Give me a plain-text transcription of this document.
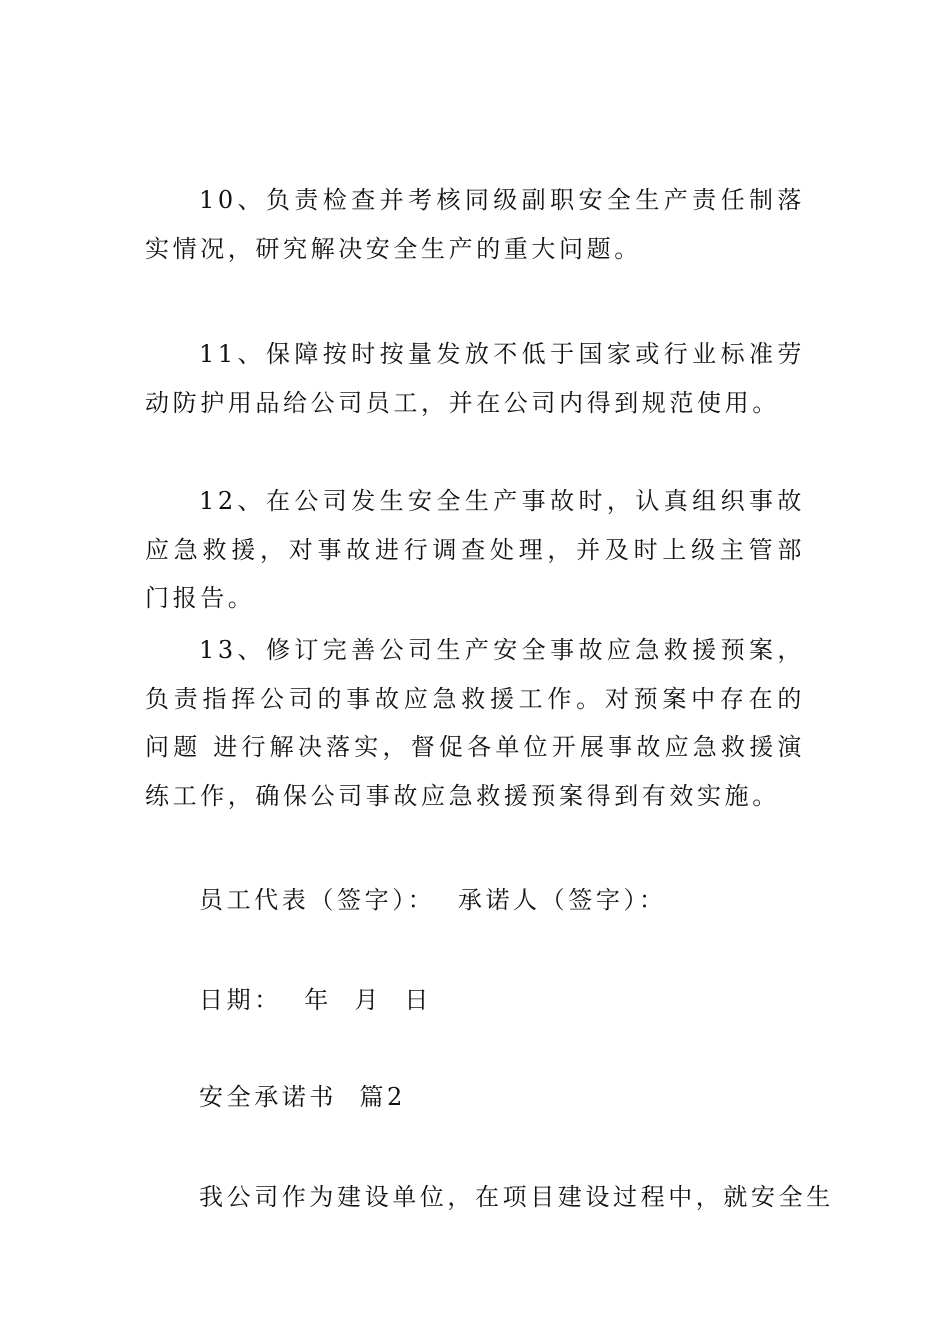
10、负责检查并考核同级副职安全生产责任制落实情况，研究解决安全生产的重大问题。

11、保障按时按量发放不低于国家或行业标准劳动防护用品给公司员工，并在公司内得到规范使用。

12、在公司发生安全生产事故时，认真组织事故应急救援，对事故进行调查处理，并及时上级主管部门报告。

13、修订完善公司生产安全事故应急救援预案，负责指挥公司的事故应急救援工作。对预案中存在的问题 进行解决落实，督促各单位开展事故应急救援演练工作，确保公司事故应急救援预案得到有效实施。

员工代表（签字）：  承诺人（签字）：

日期：  年  月  日

安全承诺书  篇2

我公司作为建设单位，在项目建设过程中，就安全生
